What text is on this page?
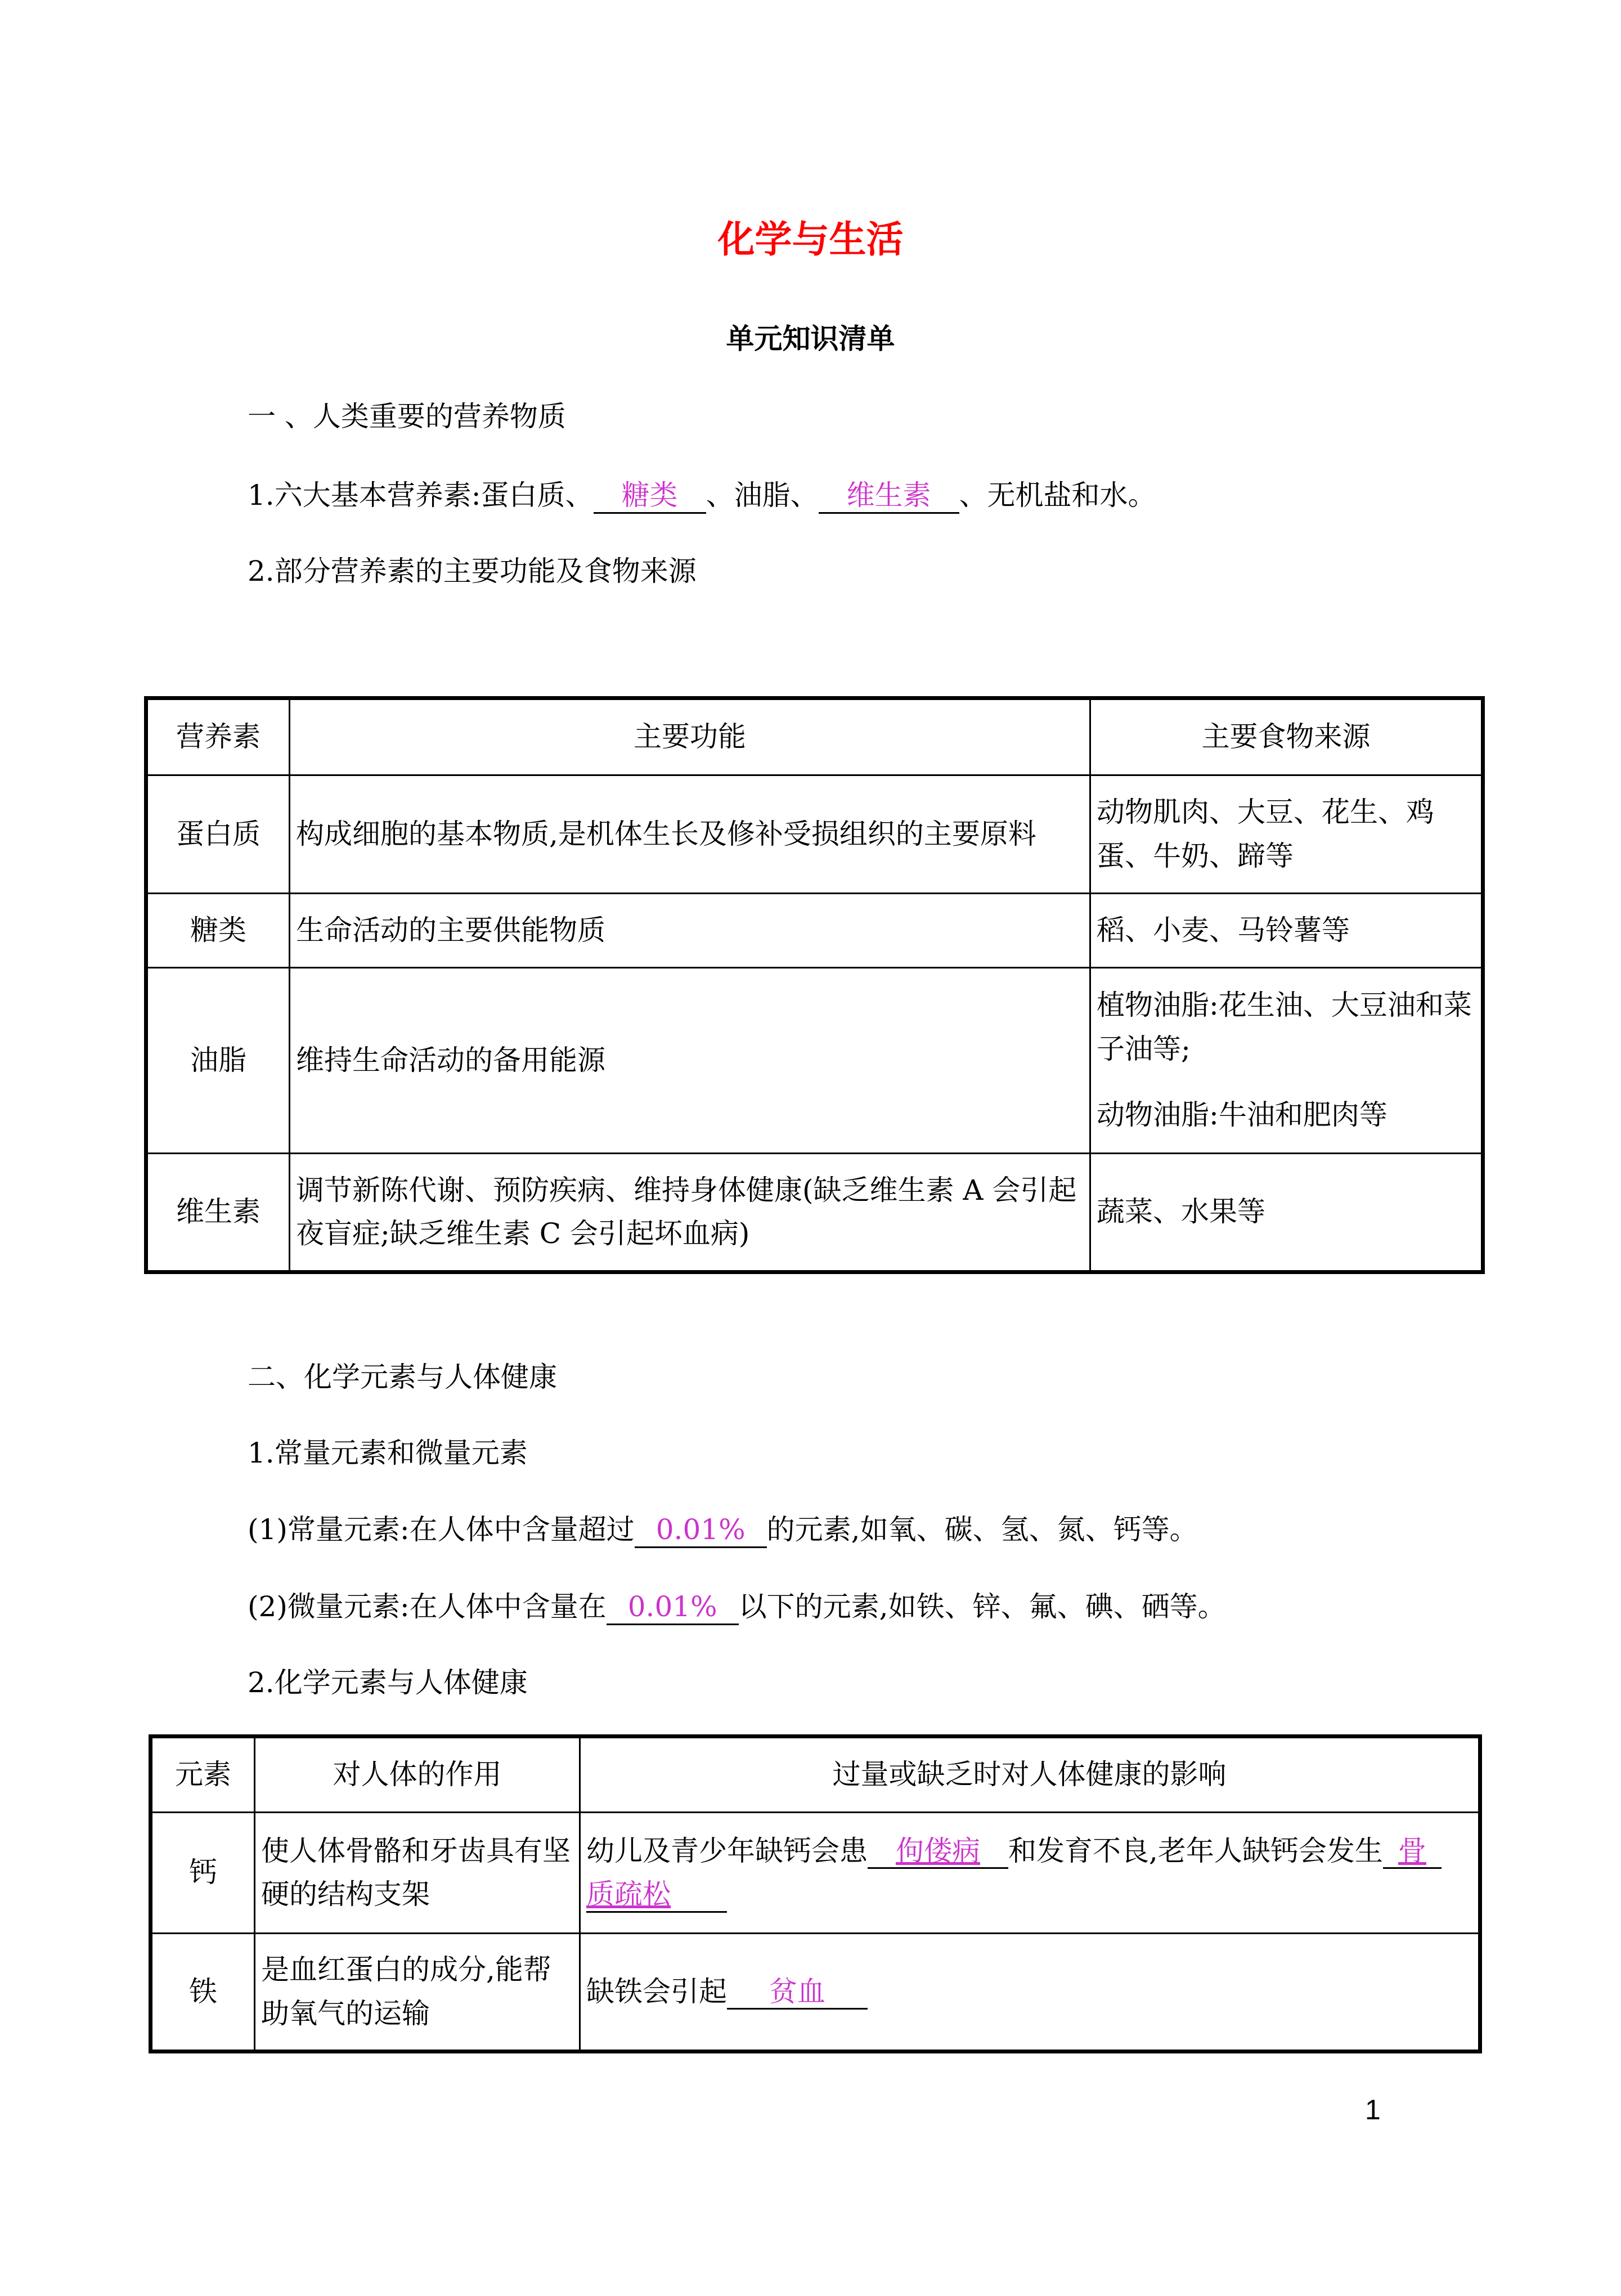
化学与生活
单元知识清单
一 、人类重要的营养物质
1.六大基本营养素:蛋白质、 糖类 、油脂、 维生素 、无机盐和水。
2.部分营养素的主要功能及食物来源
营养素	主要功能	主要食物来源
蛋白质	构成细胞的基本物质,是机体生长及修补受损组织的主要原料	动物肌肉、大豆、花生、鸡蛋、牛奶、蹄等
糖类	生命活动的主要供能物质	稻、小麦、马铃薯等
油脂	维持生命活动的备用能源	植物油脂:花生油、大豆油和菜子油等;
动物油脂:牛油和肥肉等

维生素	调节新陈代谢、预防疾病、维持身体健康(缺乏维生素 A 会引起夜盲症;缺乏维生素 C 会引起坏血病)	蔬菜、水果等
二、化学元素与人体健康
1.常量元素和微量元素
(1)常量元素:在人体中含量超过 0.01% 的元素,如氧、碳、氢、氮、钙等。
(2)微量元素:在人体中含量在 0.01% 以下的元素,如铁、锌、氟、碘、硒等。
2.化学元素与人体健康
元素	对人体的作用	过量或缺乏时对人体健康的影响
钙	使人体骨骼和牙齿具有坚硬的结构支架	幼儿及青少年缺钙会患 佝偻病 和发育不良,老年人缺钙会发生 骨
质疏松
铁	是血红蛋白的成分,能帮助氧气的运输	缺铁会引起 贫血
1
